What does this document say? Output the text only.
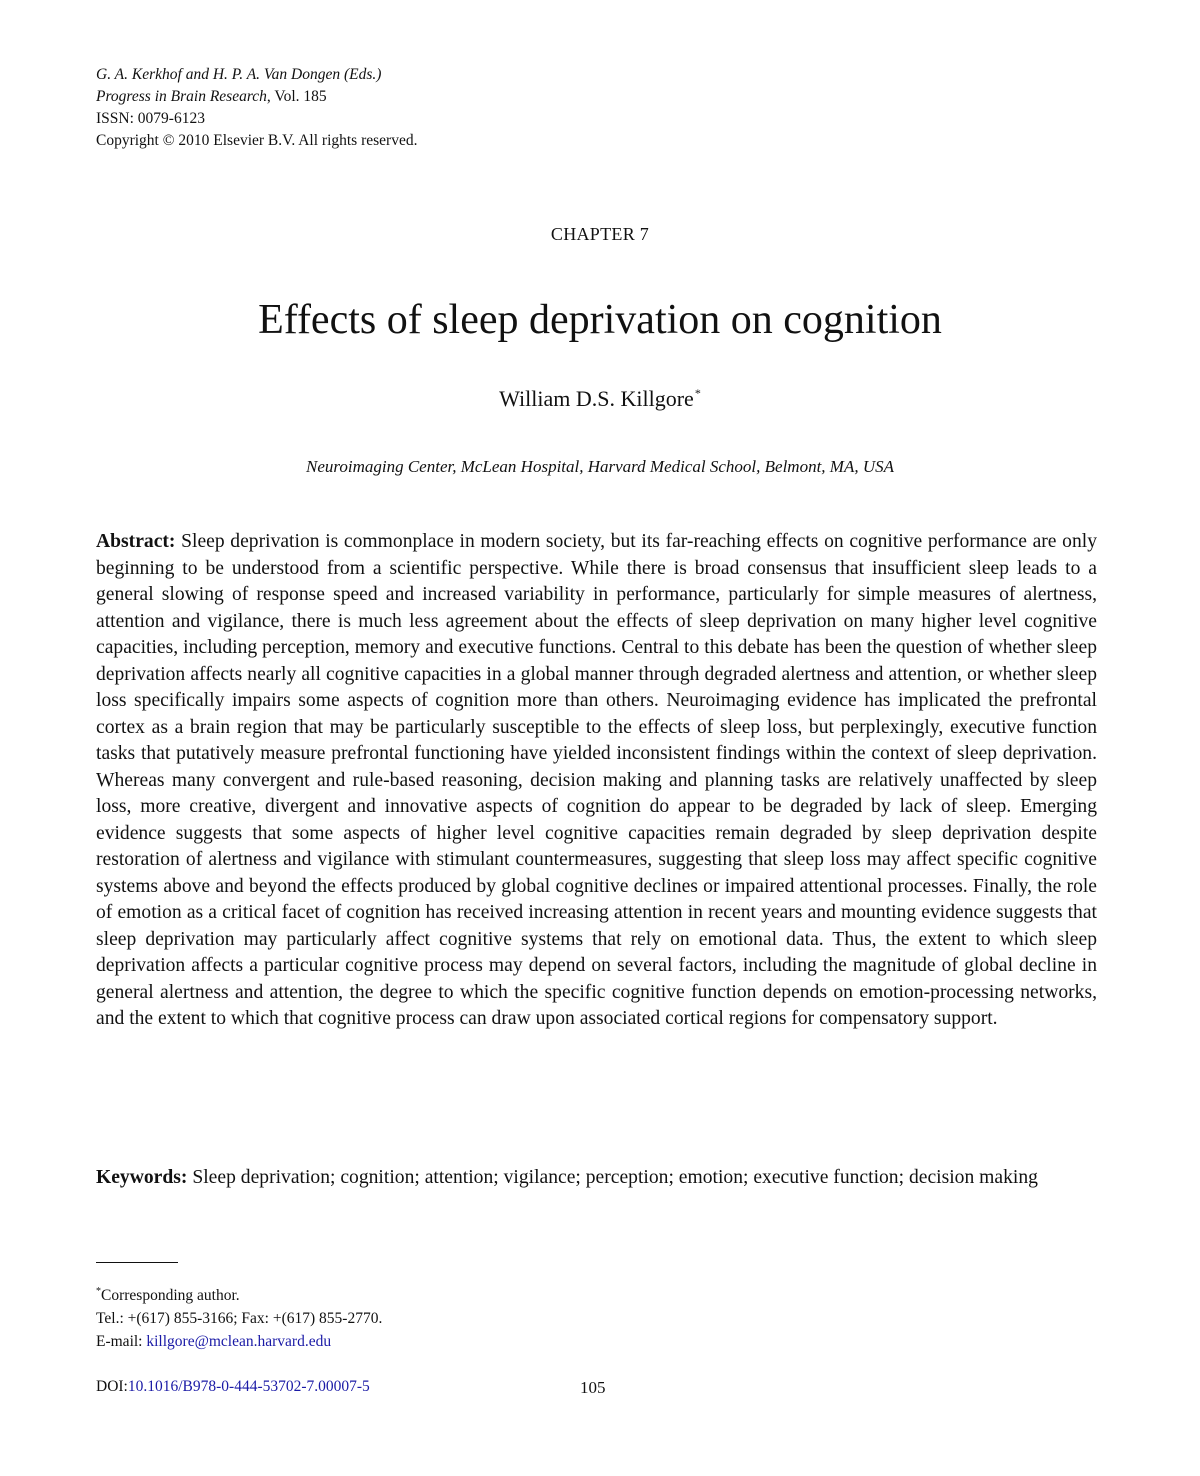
G. A. Kerkhof and H. P. A. Van Dongen (Eds.)
Progress in Brain Research, Vol. 185
ISSN: 0079-6123
Copyright © 2010 Elsevier B.V. All rights reserved.
CHAPTER 7
Effects of sleep deprivation on cognition
William D.S. Killgore*
Neuroimaging Center, McLean Hospital, Harvard Medical School, Belmont, MA, USA
Abstract: Sleep deprivation is commonplace in modern society, but its far-reaching effects on cognitive performance are only beginning to be understood from a scientific perspective. While there is broad consensus that insufficient sleep leads to a general slowing of response speed and increased variability in performance, particularly for simple measures of alertness, attention and vigilance, there is much less agreement about the effects of sleep deprivation on many higher level cognitive capacities, including perception, memory and executive functions. Central to this debate has been the question of whether sleep deprivation affects nearly all cognitive capacities in a global manner through degraded alertness and attention, or whether sleep loss specifically impairs some aspects of cognition more than others. Neuroimaging evidence has implicated the prefrontal cortex as a brain region that may be particularly susceptible to the effects of sleep loss, but perplexingly, executive function tasks that putatively measure prefrontal functioning have yielded inconsistent findings within the context of sleep deprivation. Whereas many convergent and rule-based reasoning, decision making and planning tasks are relatively unaffected by sleep loss, more creative, divergent and innovative aspects of cognition do appear to be degraded by lack of sleep. Emerging evidence suggests that some aspects of higher level cognitive capacities remain degraded by sleep deprivation despite restoration of alertness and vigilance with stimulant countermeasures, suggesting that sleep loss may affect specific cognitive systems above and beyond the effects produced by global cognitive declines or impaired attentional processes. Finally, the role of emotion as a critical facet of cognition has received increasing attention in recent years and mounting evidence suggests that sleep deprivation may particularly affect cognitive systems that rely on emotional data. Thus, the extent to which sleep deprivation affects a particular cognitive process may depend on several factors, including the magnitude of global decline in general alertness and attention, the degree to which the specific cognitive function depends on emotion-processing networks, and the extent to which that cognitive process can draw upon associated cortical regions for compensatory support.
Keywords: Sleep deprivation; cognition; attention; vigilance; perception; emotion; executive function; decision making
*Corresponding author.
Tel.: +(617) 855-3166; Fax: +(617) 855-2770.
E-mail: killgore@mclean.harvard.edu
DOI:10.1016/B978-0-444-53702-7.00007-5	105
